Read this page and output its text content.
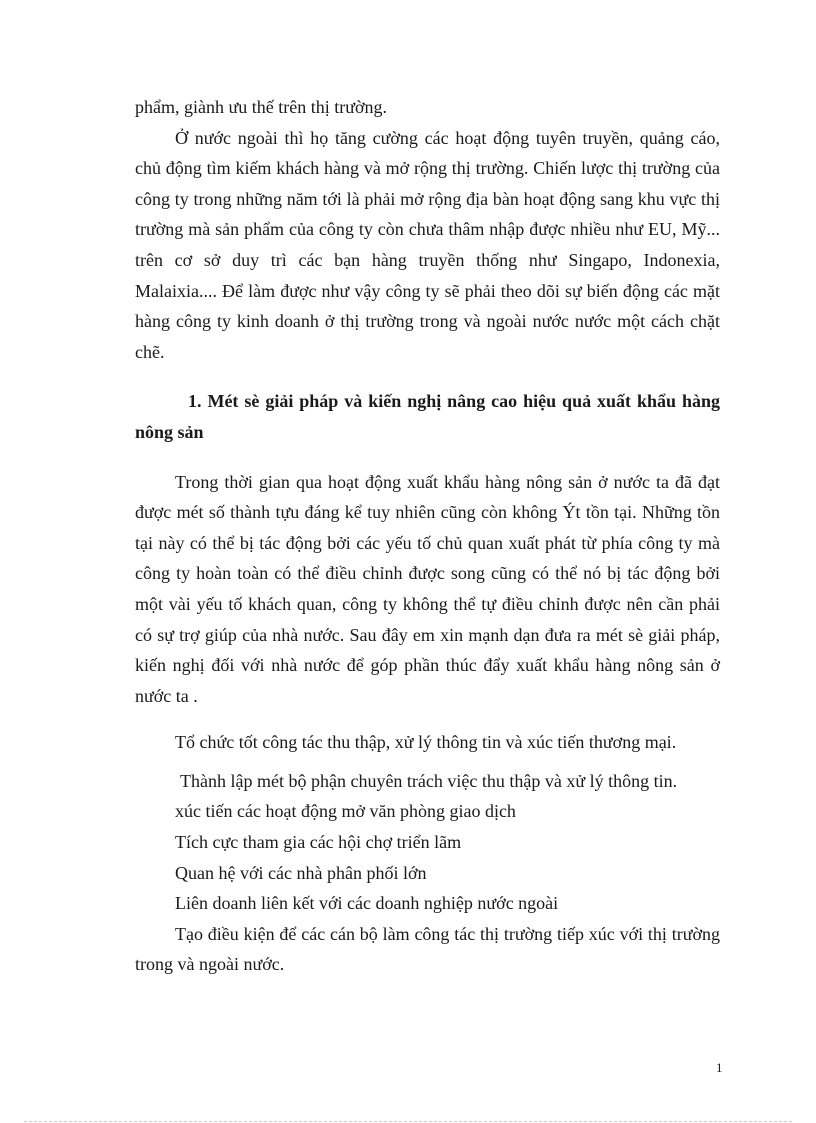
phẩm, giành ưu thế trên thị trường.

Ở nước ngoài thì họ tăng cường các hoạt động tuyên truyền, quảng cáo, chủ động tìm kiếm khách hàng và mở rộng thị trường. Chiến lược thị trường của công ty trong những năm tới là phải mở rộng địa bàn hoạt động sang khu vực thị trường mà sản phẩm của công ty còn chưa thâm nhập được nhiều như EU, Mỹ... trên cơ sở duy trì các bạn hàng truyền thống như Singapo, Indonexia, Malaixia.... Để làm được như vậy công ty sẽ phải theo dõi sự biến động các mặt hàng công ty kinh doanh ở thị trường trong và ngoài nước nước một cách chặt chẽ.

1. Mét sè giải pháp và kiến nghị nâng cao hiệu quả xuất khẩu hàng nông sản

Trong thời gian qua hoạt động xuất khẩu hàng nông sản ở nước ta đã đạt được mét số thành tựu đáng kể tuy nhiên cũng còn không Ýt tồn tại. Những tồn tại này có thể bị tác động bởi các yếu tố chủ quan xuất phát từ phía công ty mà công ty hoàn toàn có thể điều chỉnh được song cũng có thể nó bị tác động bởi một vài yếu tố khách quan, công ty không thể tự điều chỉnh được nên cần phải có sự trợ giúp của nhà nước. Sau đây em xin mạnh dạn đưa ra mét sè giải pháp, kiến nghị đối với nhà nước để góp phần thúc đẩy xuất khẩu hàng nông sản ở nước ta .

Tổ chức tốt công tác thu thập, xử lý thông tin và xúc tiến thương mại.

Thành lập mét bộ phận chuyên trách việc thu thập và xử lý thông tin.

xúc tiến các hoạt động mở văn phòng giao dịch

Tích cực tham gia các hội chợ triển lãm

Quan hệ với các nhà phân phối lớn

Liên doanh liên kết với các doanh nghiệp nước ngoài

Tạo điều kiện để các cán bộ làm công tác thị trường tiếp xúc với thị trường trong và ngoài nước.

1
